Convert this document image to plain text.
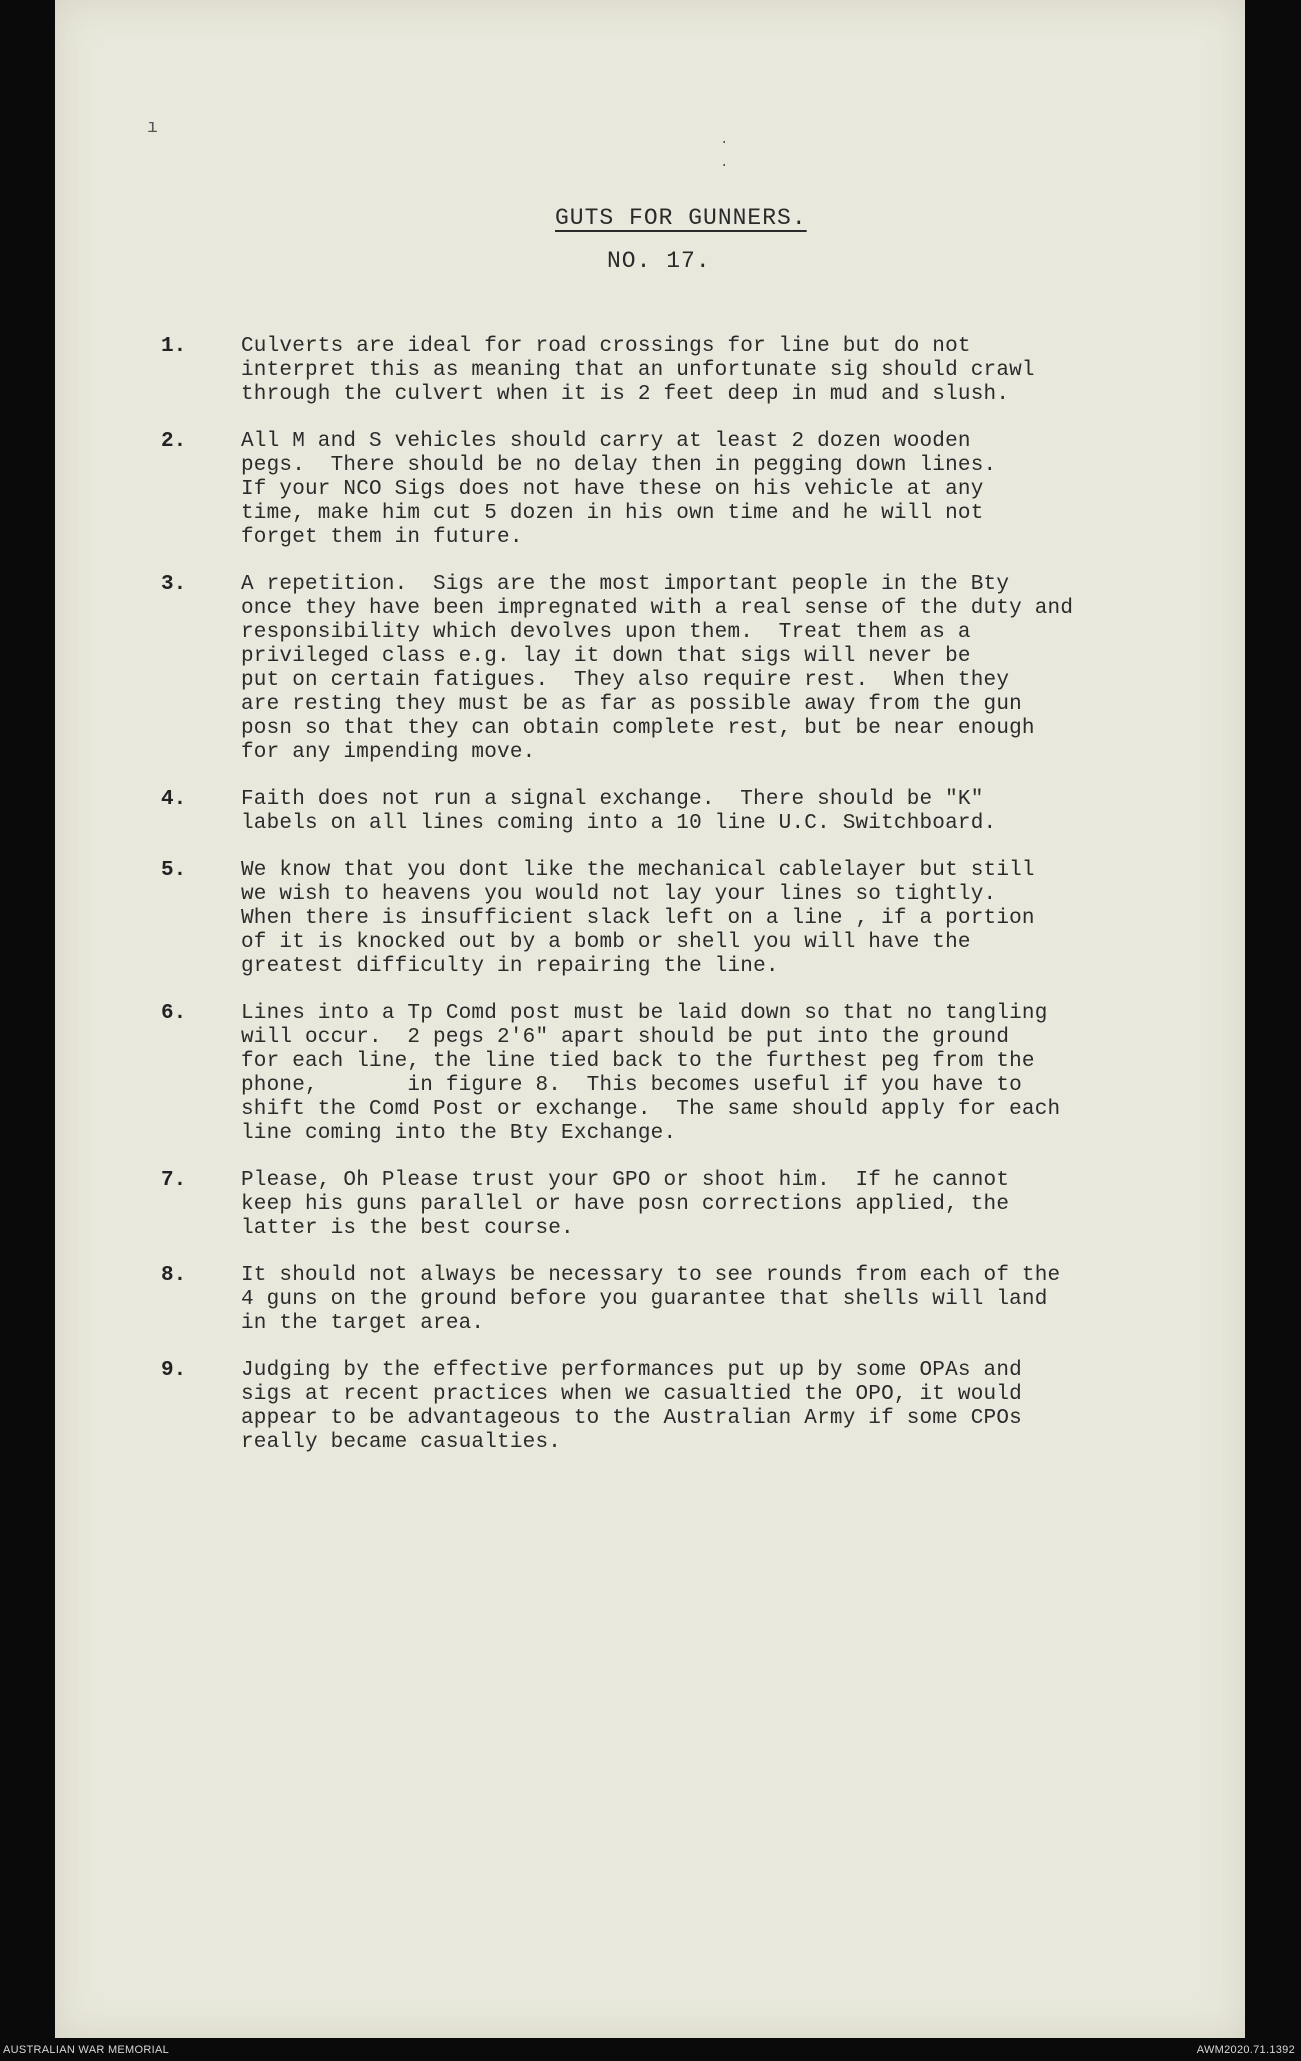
ı
·
·
GUTS FOR GUNNERS.
NO. 17.
1.	Culverts are ideal for road crossings for line but do not
interpret this as meaning that an unfortunate sig should crawl
through the culvert when it is 2 feet deep in mud and slush.
2.	All M and S vehicles should carry at least 2 dozen wooden
pegs.  There should be no delay then in pegging down lines.
If your NCO Sigs does not have these on his vehicle at any
time, make him cut 5 dozen in his own time and he will not
forget them in future.
3.	A repetition.  Sigs are the most important people in the Bty
once they have been impregnated with a real sense of the duty and
responsibility which devolves upon them.  Treat them as a
privileged class e.g. lay it down that sigs will never be
put on certain fatigues.  They also require rest.  When they
are resting they must be as far as possible away from the gun
posn so that they can obtain complete rest, but be near enough
for any impending move.
4.	Faith does not run a signal exchange.  There should be "K"
labels on all lines coming into a 10 line U.C. Switchboard.
5.	We know that you dont like the mechanical cablelayer but still
we wish to heavens you would not lay your lines so tightly.
When there is insufficient slack left on a line , if a portion
of it is knocked out by a bomb or shell you will have the
greatest difficulty in repairing the line.
6.	Lines into a Tp Comd post must be laid down so that no tangling
will occur.  2 pegs 2'6" apart should be put into the ground
for each line, the line tied back to the furthest peg from the
phone,       in figure 8.  This becomes useful if you have to
shift the Comd Post or exchange.  The same should apply for each
line coming into the Bty Exchange.
7.	Please, Oh Please trust your GPO or shoot him.  If he cannot
keep his guns parallel or have posn corrections applied, the
latter is the best course.
8.	It should not always be necessary to see rounds from each of the
4 guns on the ground before you guarantee that shells will land
in the target area.
9.	Judging by the effective performances put up by some OPAs and
sigs at recent practices when we casualtied the OPO, it would
appear to be advantageous to the Australian Army if some CPOs
really became casualties.
AUSTRALIAN WAR MEMORIAL	AWM2020.71.1392
